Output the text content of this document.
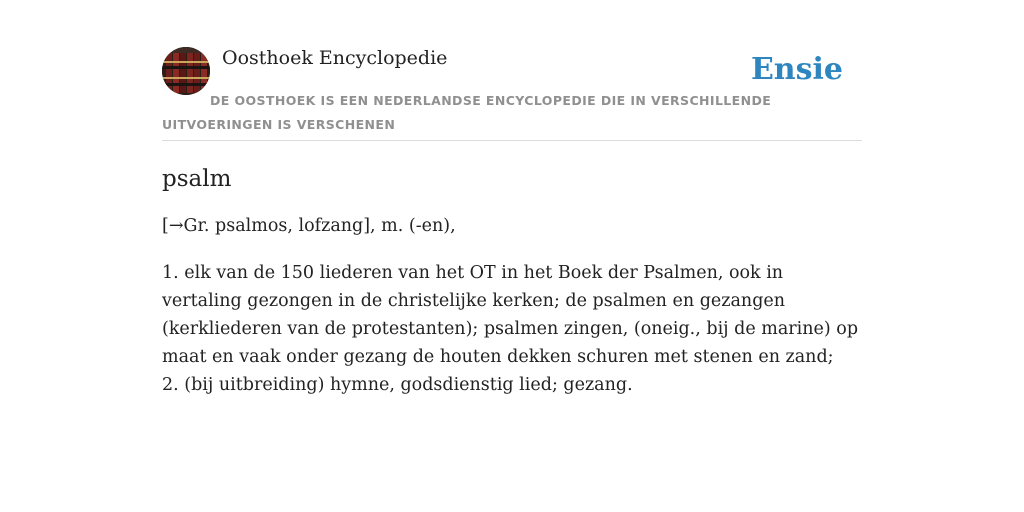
Oosthoek Encyclopedie	Ensie
DE OOSTHOEK IS EEN NEDERLANDSE ENCYCLOPEDIE DIE IN VERSCHILLENDE UITVOERINGEN IS VERSCHENEN
psalm

[→Gr. psalmos, lofzang], m. (-en),

1. elk van de 150 liederen van het OT in het Boek der Psalmen, ook in vertaling gezongen in de christelijke kerken; de psalmen en gezangen (kerkliederen van de protestanten); psalmen zingen, (oneig., bij de marine) op maat en vaak onder gezang de houten dekken schuren met stenen en zand;
2. (bij uitbreiding) hymne, godsdienstig lied; gezang.
